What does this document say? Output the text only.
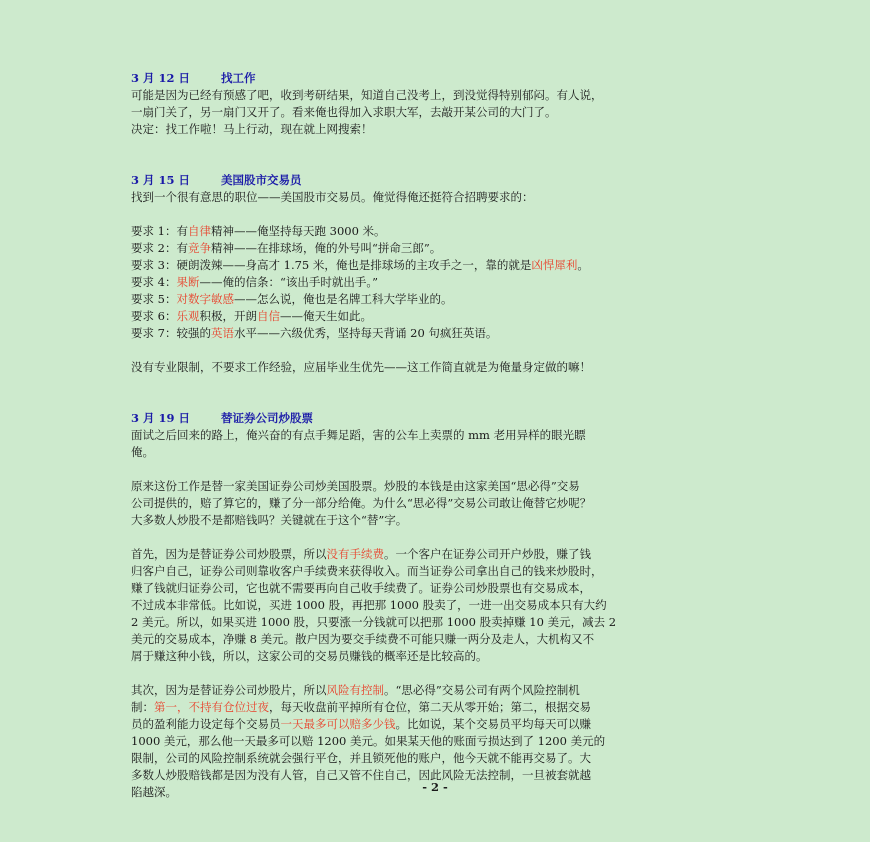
3 月 12 日	找工作

可能是因为已经有预感了吧，收到考研结果，知道自己没考上，到没觉得特别郁闷。有人说，

一扇门关了，另一扇门又开了。看来俺也得加入求职大军，去敲开某公司的大门了。

决定：找工作啦！马上行动，现在就上网搜索！

3 月 15 日	美国股市交易员

找到一个很有意思的职位——美国股市交易员。俺觉得俺还挺符合招聘要求的：

要求 1：有自律精神——俺坚持每天跑 3000 米。

要求 2：有竞争精神——在排球场，俺的外号叫“拼命三郎”。

要求 3：硬朗泼辣——身高才 1.75 米，俺也是排球场的主攻手之一，靠的就是凶悍犀利。

要求 4：果断——俺的信条：“该出手时就出手。”

要求 5：对数字敏感——怎么说，俺也是名牌工科大学毕业的。

要求 6：乐观积极，开朗自信——俺天生如此。

要求 7：较强的英语水平——六级优秀，坚持每天背诵 20 句疯狂英语。

没有专业限制，不要求工作经验，应届毕业生优先——这工作简直就是为俺量身定做的嘛！

3 月 19 日	替证券公司炒股票

面试之后回来的路上，俺兴奋的有点手舞足蹈，害的公车上卖票的 mm 老用异样的眼光瞟

俺。

原来这份工作是替一家美国证券公司炒美国股票。炒股的本钱是由这家美国“思必得”交易

公司提供的，赔了算它的，赚了分一部分给俺。为什么“思必得”交易公司敢让俺替它炒呢？

大多数人炒股不是都赔钱吗？关键就在于这个“替”字。

首先，因为是替证券公司炒股票，所以没有手续费。一个客户在证券公司开户炒股，赚了钱

归客户自己，证券公司则靠收客户手续费来获得收入。而当证券公司拿出自己的钱来炒股时，

赚了钱就归证券公司，它也就不需要再向自己收手续费了。证券公司炒股票也有交易成本，

不过成本非常低。比如说，买进 1000 股，再把那 1000 股卖了，一进一出交易成本只有大约

2 美元。所以，如果买进 1000 股，只要涨一分钱就可以把那 1000 股卖掉赚 10 美元，减去 2

美元的交易成本，净赚 8 美元。散户因为要交手续费不可能只赚一两分及走人，大机构又不

屑于赚这种小钱，所以，这家公司的交易员赚钱的概率还是比较高的。

其次，因为是替证券公司炒股片，所以风险有控制。“思必得”交易公司有两个风险控制机

制：第一，不持有仓位过夜，每天收盘前平掉所有仓位，第二天从零开始；第二，根据交易

员的盈利能力设定每个交易员一天最多可以赔多少钱。比如说，某个交易员平均每天可以赚

1000 美元，那么他一天最多可以赔 1200 美元。如果某天他的账面亏损达到了 1200 美元的

限制，公司的风险控制系统就会强行平仓，并且锁死他的账户，他今天就不能再交易了。大

多数人炒股赔钱都是因为没有人管，自己又管不住自己，因此风险无法控制，一旦被套就越

陷越深。	- 2 -
